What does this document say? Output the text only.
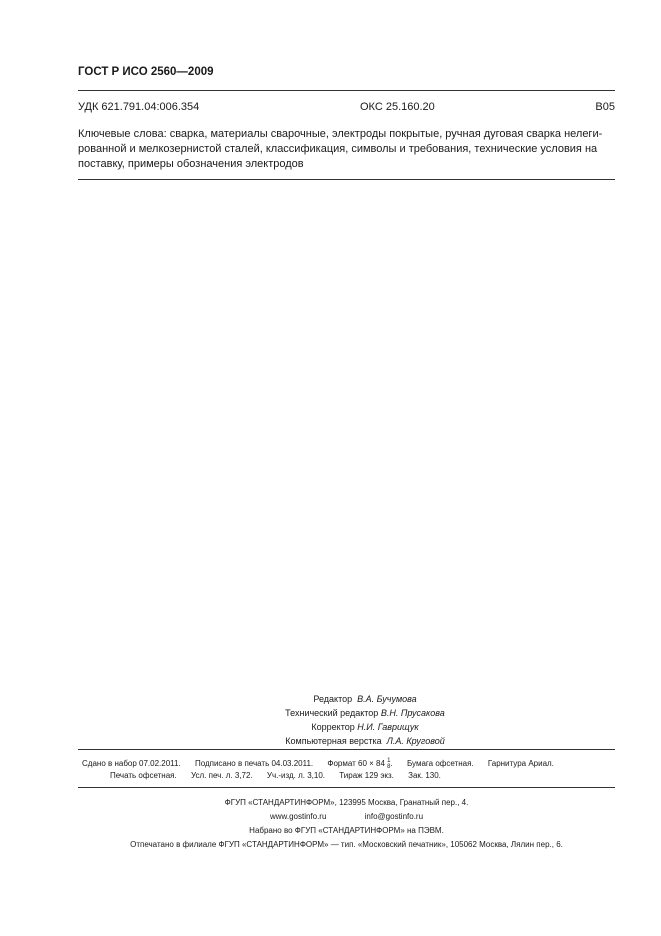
ГОСТ Р ИСО 2560—2009
УДК 621.791.04:006.354	ОКС 25.160.20	В05

Ключевые слова: сварка, материалы сварочные, электроды покрытые, ручная дуговая сварка нелеги-

рованной и мелкозернистой сталей, классификация, символы и требования, технические условия на

поставку, примеры обозначения электродов

Редактор В.А. Бучумова
Технический редактор В.Н. Прусакова
Корректор Н.И. Гаврищук
Компьютерная верстка Л.А. Круговой
Сдано в набор 07.02.2011. Подписано в печать 04.03.2011. Формат 60 × 84 1
8 . Бумага офсетная. Гарнитура Ариал.
Печать офсетная. Усл. печ. л. 3,72. Уч.-изд. л. 3,10. Тираж 129 экз. Зак. 130.
ФГУП «СТАНДАРТИНФОРМ», 123995 Москва, Гранатный пер., 4.
www.gostinfo.ru	info@gostinfo.ru
Набрано во ФГУП «СТАНДАРТИНФОРМ» на ПЭВМ.
Отпечатано в филиале ФГУП «СТАНДАРТИНФОРМ» — тип. «Московский печатник», 105062 Москва, Лялин пер., 6.
